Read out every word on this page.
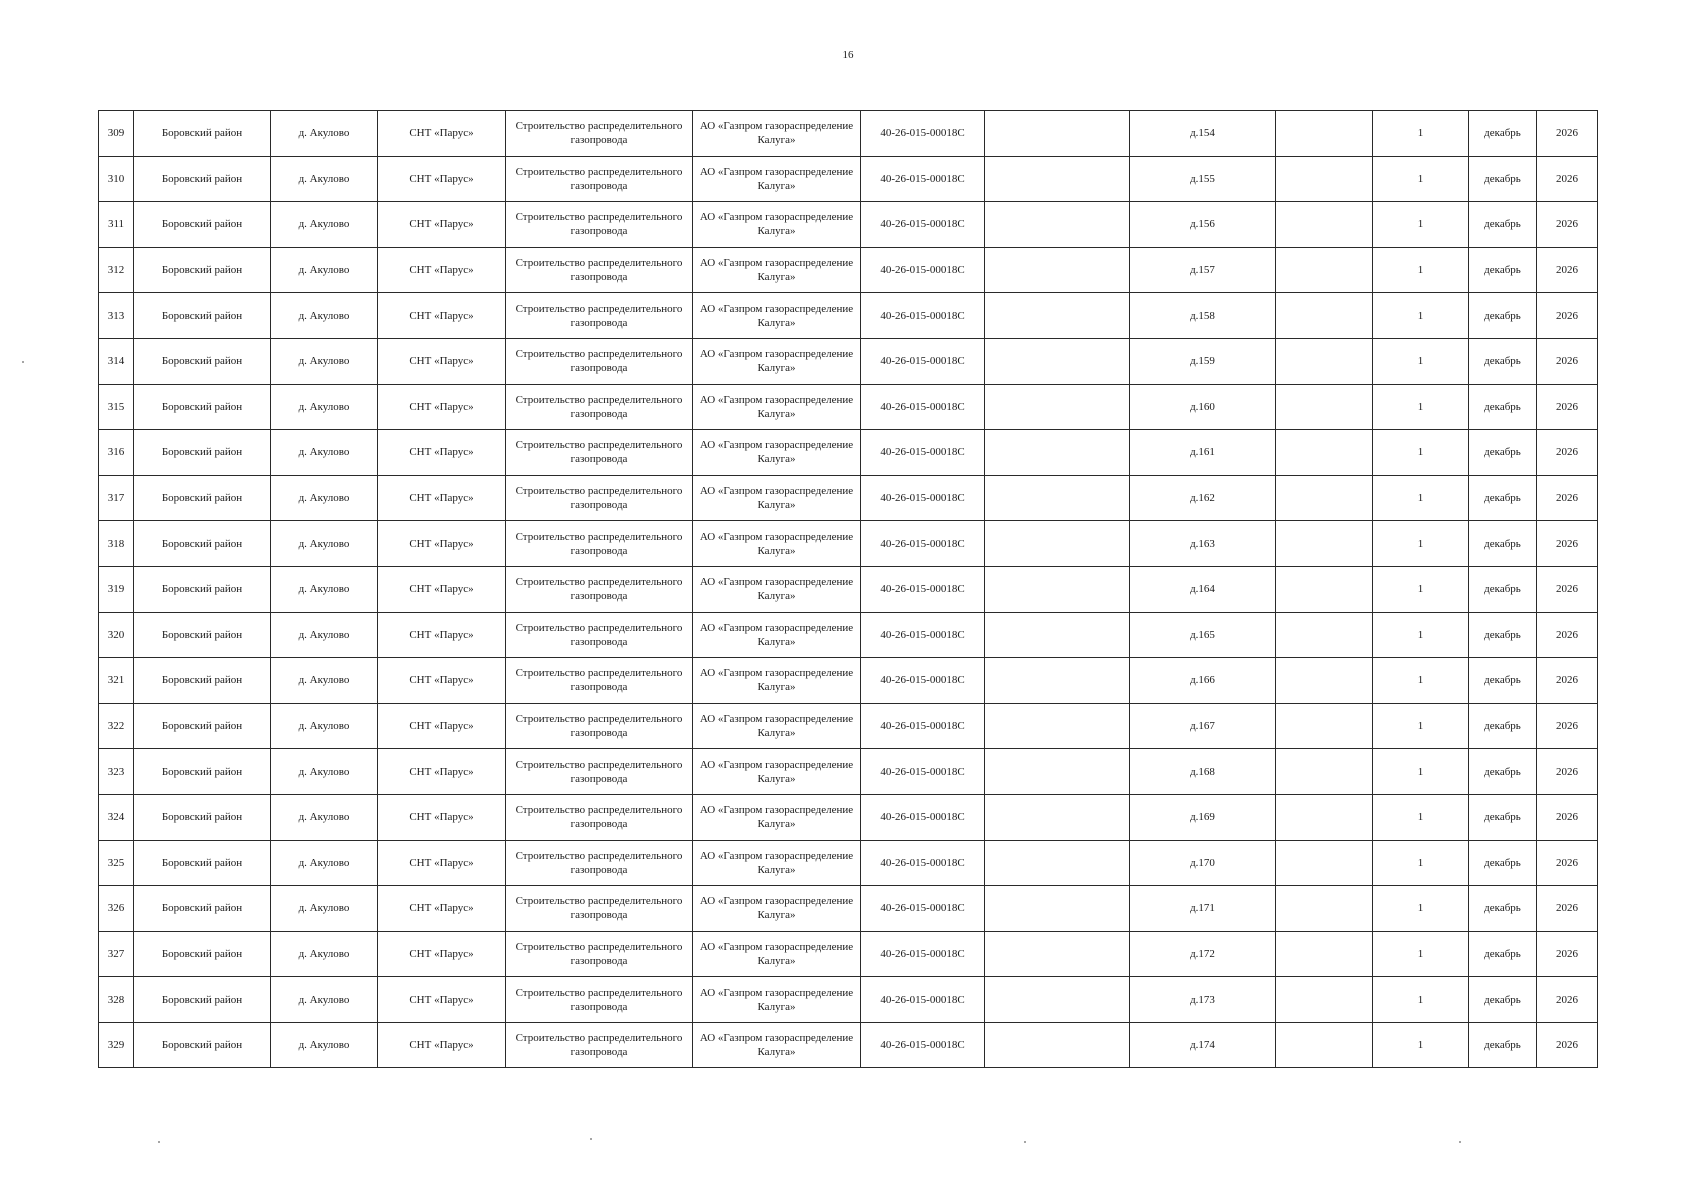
16
309	Боровский район	д. Акулово	СНТ «Парус»	Строительство распределительного газопровода	АО «Газпром газораспределение Калуга»	40-26-015-00018С		д.154		1	декабрь	2026
310	Боровский район	д. Акулово	СНТ «Парус»	Строительство распределительного газопровода	АО «Газпром газораспределение Калуга»	40-26-015-00018С		д.155		1	декабрь	2026
311	Боровский район	д. Акулово	СНТ «Парус»	Строительство распределительного газопровода	АО «Газпром газораспределение Калуга»	40-26-015-00018С		д.156		1	декабрь	2026
312	Боровский район	д. Акулово	СНТ «Парус»	Строительство распределительного газопровода	АО «Газпром газораспределение Калуга»	40-26-015-00018С		д.157		1	декабрь	2026
313	Боровский район	д. Акулово	СНТ «Парус»	Строительство распределительного газопровода	АО «Газпром газораспределение Калуга»	40-26-015-00018С		д.158		1	декабрь	2026
314	Боровский район	д. Акулово	СНТ «Парус»	Строительство распределительного газопровода	АО «Газпром газораспределение Калуга»	40-26-015-00018С		д.159		1	декабрь	2026
315	Боровский район	д. Акулово	СНТ «Парус»	Строительство распределительного газопровода	АО «Газпром газораспределение Калуга»	40-26-015-00018С		д.160		1	декабрь	2026
316	Боровский район	д. Акулово	СНТ «Парус»	Строительство распределительного газопровода	АО «Газпром газораспределение Калуга»	40-26-015-00018С		д.161		1	декабрь	2026
317	Боровский район	д. Акулово	СНТ «Парус»	Строительство распределительного газопровода	АО «Газпром газораспределение Калуга»	40-26-015-00018С		д.162		1	декабрь	2026
318	Боровский район	д. Акулово	СНТ «Парус»	Строительство распределительного газопровода	АО «Газпром газораспределение Калуга»	40-26-015-00018С		д.163		1	декабрь	2026
319	Боровский район	д. Акулово	СНТ «Парус»	Строительство распределительного газопровода	АО «Газпром газораспределение Калуга»	40-26-015-00018С		д.164		1	декабрь	2026
320	Боровский район	д. Акулово	СНТ «Парус»	Строительство распределительного газопровода	АО «Газпром газораспределение Калуга»	40-26-015-00018С		д.165		1	декабрь	2026
321	Боровский район	д. Акулово	СНТ «Парус»	Строительство распределительного газопровода	АО «Газпром газораспределение Калуга»	40-26-015-00018С		д.166		1	декабрь	2026
322	Боровский район	д. Акулово	СНТ «Парус»	Строительство распределительного газопровода	АО «Газпром газораспределение Калуга»	40-26-015-00018С		д.167		1	декабрь	2026
323	Боровский район	д. Акулово	СНТ «Парус»	Строительство распределительного газопровода	АО «Газпром газораспределение Калуга»	40-26-015-00018С		д.168		1	декабрь	2026
324	Боровский район	д. Акулово	СНТ «Парус»	Строительство распределительного газопровода	АО «Газпром газораспределение Калуга»	40-26-015-00018С		д.169		1	декабрь	2026
325	Боровский район	д. Акулово	СНТ «Парус»	Строительство распределительного газопровода	АО «Газпром газораспределение Калуга»	40-26-015-00018С		д.170		1	декабрь	2026
326	Боровский район	д. Акулово	СНТ «Парус»	Строительство распределительного газопровода	АО «Газпром газораспределение Калуга»	40-26-015-00018С		д.171		1	декабрь	2026
327	Боровский район	д. Акулово	СНТ «Парус»	Строительство распределительного газопровода	АО «Газпром газораспределение Калуга»	40-26-015-00018С		д.172		1	декабрь	2026
328	Боровский район	д. Акулово	СНТ «Парус»	Строительство распределительного газопровода	АО «Газпром газораспределение Калуга»	40-26-015-00018С		д.173		1	декабрь	2026
329	Боровский район	д. Акулово	СНТ «Парус»	Строительство распределительного газопровода	АО «Газпром газораспределение Калуга»	40-26-015-00018С		д.174		1	декабрь	2026
